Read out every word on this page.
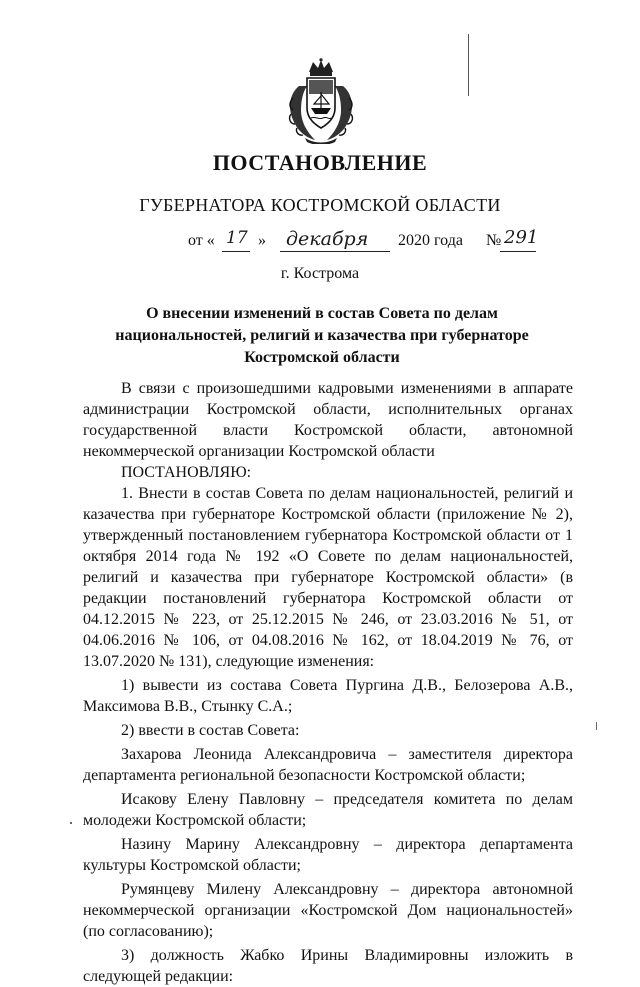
ПОСТАНОВЛЕНИЕ
ГУБЕРНАТОРА КОСТРОМСКОЙ ОБЛАСТИ
от « 17 » декабря 2020 года № 291
г. Кострома
О внесении изменений в состав Совета по делам национальностей, религий и казачества при губернаторе Костромской области

В связи с произошедшими кадровыми изменениями в аппарате администрации Костромской области, исполнительных органах государственной власти Костромской области, автономной некоммерческой организации Костромской области

ПОСТАНОВЛЯЮ:

1. Внести в состав Совета по делам национальностей, религий и казачества при губернаторе Костромской области (приложение № 2), утвержденный постановлением губернатора Костромской области от 1 октября 2014 года № 192 «О Совете по делам национальностей, религий и казачества при губернаторе Костромской области» (в редакции постановлений губернатора Костромской области от 04.12.2015 № 223, от 25.12.2015 № 246, от 23.03.2016 № 51, от 04.06.2016 № 106, от 04.08.2016 № 162, от 18.04.2019 № 76, от 13.07.2020 № 131), следующие изменения:

1) вывести из состава Совета Пургина Д.В., Белозерова А.В., Максимова В.В., Стынку С.А.;

2) ввести в состав Совета:

Захарова Леонида Александровича – заместителя директора департамента региональной безопасности Костромской области;

Исакову Елену Павловну – председателя комитета по делам молодежи Костромской области;

Назину Марину Александровну – директора департамента культуры Костромской области;

Румянцеву Милену Александровну – директора автономной некоммерческой организации «Костромской Дом национальностей» (по согласованию);

3) должность Жабко Ирины Владимировны изложить в следующей редакции:
